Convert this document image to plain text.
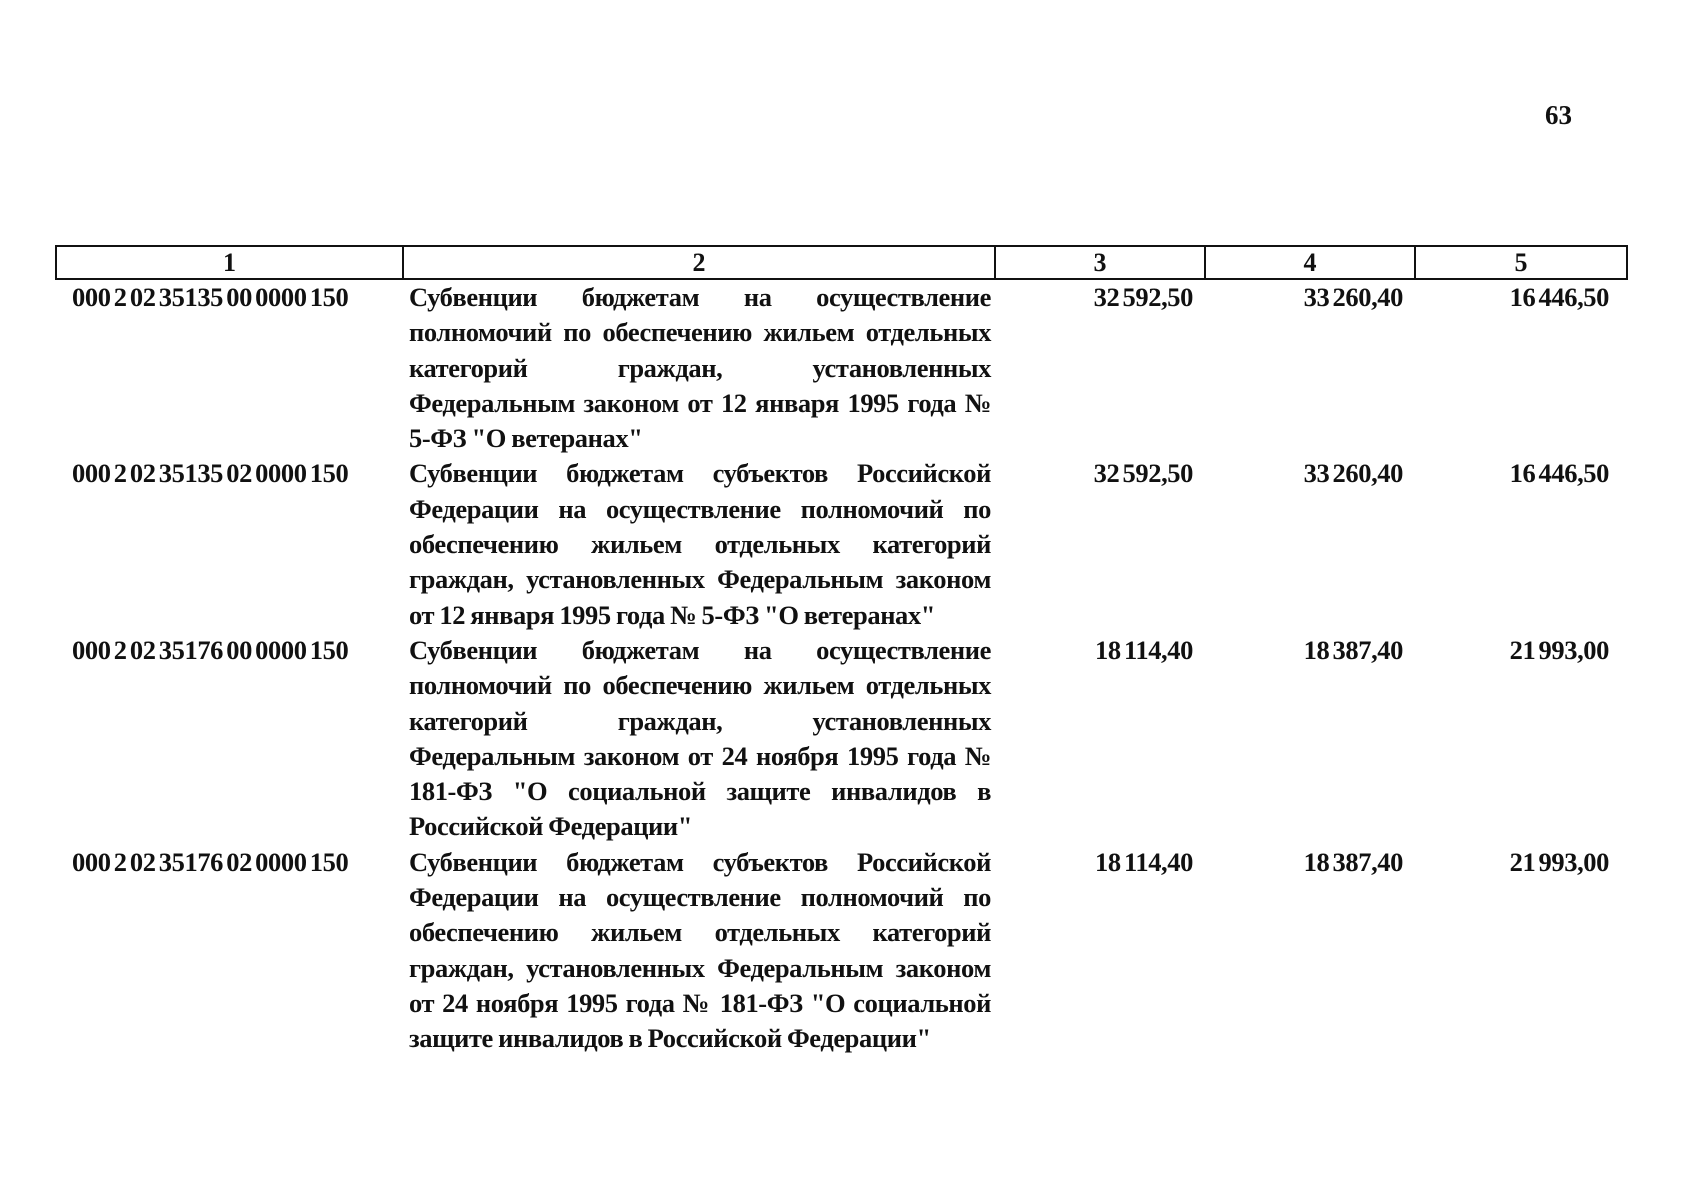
63
1	2	3	4	5
000 2 02 35135 00 0000 150	Субвенции бюджетам на осуществление полномочий по обеспечению жильем отдельных категорий граждан, установленных Федеральным законом от 12 января 1995 года № 5-ФЗ "О ветеранах"	32 592,50	33 260,40	16 446,50
000 2 02 35135 02 0000 150	Субвенции бюджетам субъектов Российской Федерации на осуществление полномочий по обеспечению жильем отдельных категорий граждан, установленных Федеральным законом от 12 января 1995 года № 5-ФЗ "О ветеранах"	32 592,50	33 260,40	16 446,50
000 2 02 35176 00 0000 150	Субвенции бюджетам на осуществление полномочий по обеспечению жильем отдельных категорий граждан, установленных Федеральным законом от 24 ноября 1995 года № 181-ФЗ "О социальной защите инвалидов в Российской Федерации"	18 114,40	18 387,40	21 993,00
000 2 02 35176 02 0000 150	Субвенции бюджетам субъектов Российской Федерации на осуществление полномочий по обеспечению жильем отдельных категорий граждан, установленных Федеральным законом от 24 ноября 1995 года № 181-ФЗ "О социальной защите инвалидов в Российской Федерации"	18 114,40	18 387,40	21 993,00
